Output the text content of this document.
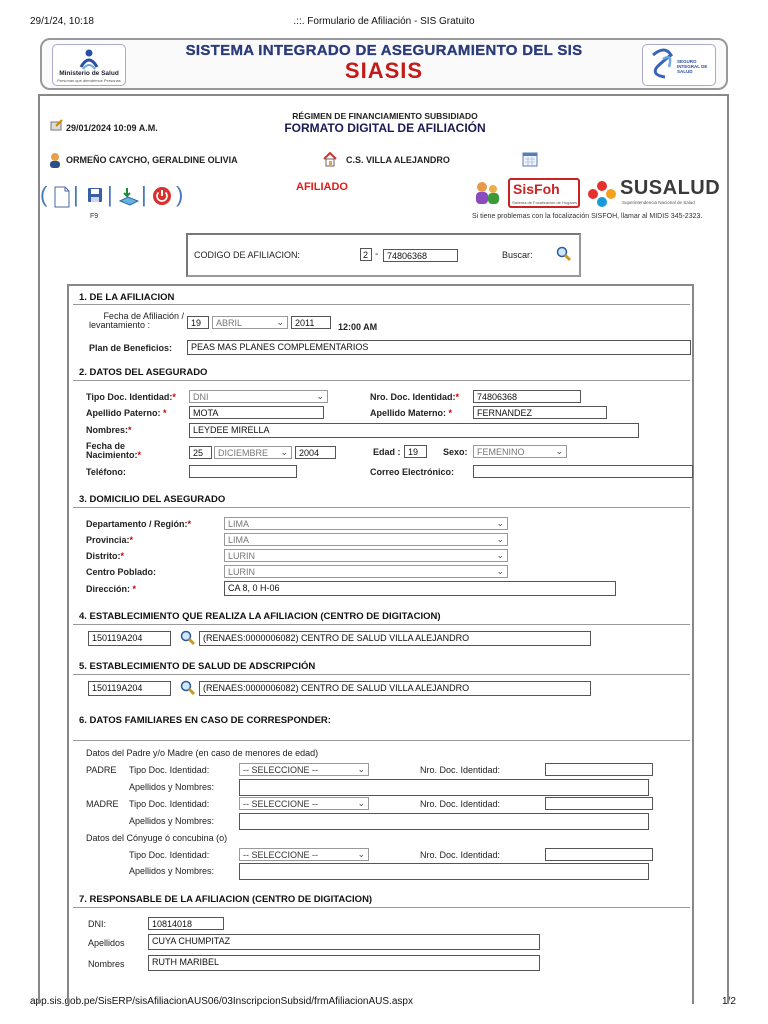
29/1/24, 10:18	.::. Formulario de Afiliación - SIS Gratuito
app.sis.gob.pe/SisERP/sisAfiliacionAUS06/03InscripcionSubsid/frmAfiliacionAUS.aspx	1/2
Ministerio de Salud
Personas que atendemos Personas
SISTEMA INTEGRADO DE ASEGURAMIENTO DEL SIS
SIASIS	SEGURO INTEGRAL DE SALUD
29/01/2024 10:09 A.M.
RÉGIMEN DE FINANCIAMIENTO SUBSIDIADO
FORMATO DIGITAL DE AFILIACIÓN
ORMEÑO CAYCHO, GERALDINE OLIVIA	C.S. VILLA ALEJANDRO
( |
F9
| | )	AFILIADO	SisFoh
Sistema de Focalización de Hogares
SUSALUD
Superintendencia Nacional de Salud
Si tiene problemas con la focalización SISFOH, llamar al MIDIS 345-2323.
CODIGO DE AFILIACION:	2 - 74806368	Buscar:
1. DE LA AFILIACION
Fecha de Afiliación /
levantamiento :	19	ABRIL	⌄	2011	12:00 AM
Plan de Beneficios:	PEAS MAS PLANES COMPLEMENTARIOS
2. DATOS DEL ASEGURADO
Tipo Doc. Identidad:*	DNI	⌄	Nro. Doc. Identidad:*	74806368
Apellido Paterno: *	MOTA	Apellido Materno: *	FERNANDEZ
Nombres:*	LEYDEE MIRELLA
Fecha de
Nacimiento:*	25	DICIEMBRE ⌄	2004	Edad : 19	Sexo:	FEMENINO	⌄
Teléfono:	Correo Electrónico:
3. DOMICILIO DEL ASEGURADO
Departamento / Región:*	LIMA	⌄
Provincia:*	LIMA	⌄
Distrito:*	LURIN	⌄
Centro Poblado:	LURIN	⌄
Dirección: *	CA 8, 0 H-06
4. ESTABLECIMIENTO QUE REALIZA LA AFILIACION (CENTRO DE DIGITACION)
150119A204	(RENAES:0000006082) CENTRO DE SALUD VILLA ALEJANDRO
5. ESTABLECIMIENTO DE SALUD DE ADSCRIPCIÓN
150119A204	(RENAES:0000006082) CENTRO DE SALUD VILLA ALEJANDRO
6. DATOS FAMILIARES EN CASO DE CORRESPONDER:
Datos del Padre y/o Madre (en caso de menores de edad)
PADRE Tipo Doc. Identidad:	-- SELECCIONE --	⌄	Nro. Doc. Identidad:
Apellidos y Nombres:
MADRE Tipo Doc. Identidad:	-- SELECCIONE --	⌄	Nro. Doc. Identidad:
Apellidos y Nombres:
Datos del Cónyuge ó concubina (o)
Tipo Doc. Identidad:	-- SELECCIONE --	⌄	Nro. Doc. Identidad:
Apellidos y Nombres:
7. RESPONSABLE DE LA AFILIACION (CENTRO DE DIGITACION)
DNI:	10814018
Apellidos	CUYA CHUMPITAZ
Nombres	RUTH MARIBEL
